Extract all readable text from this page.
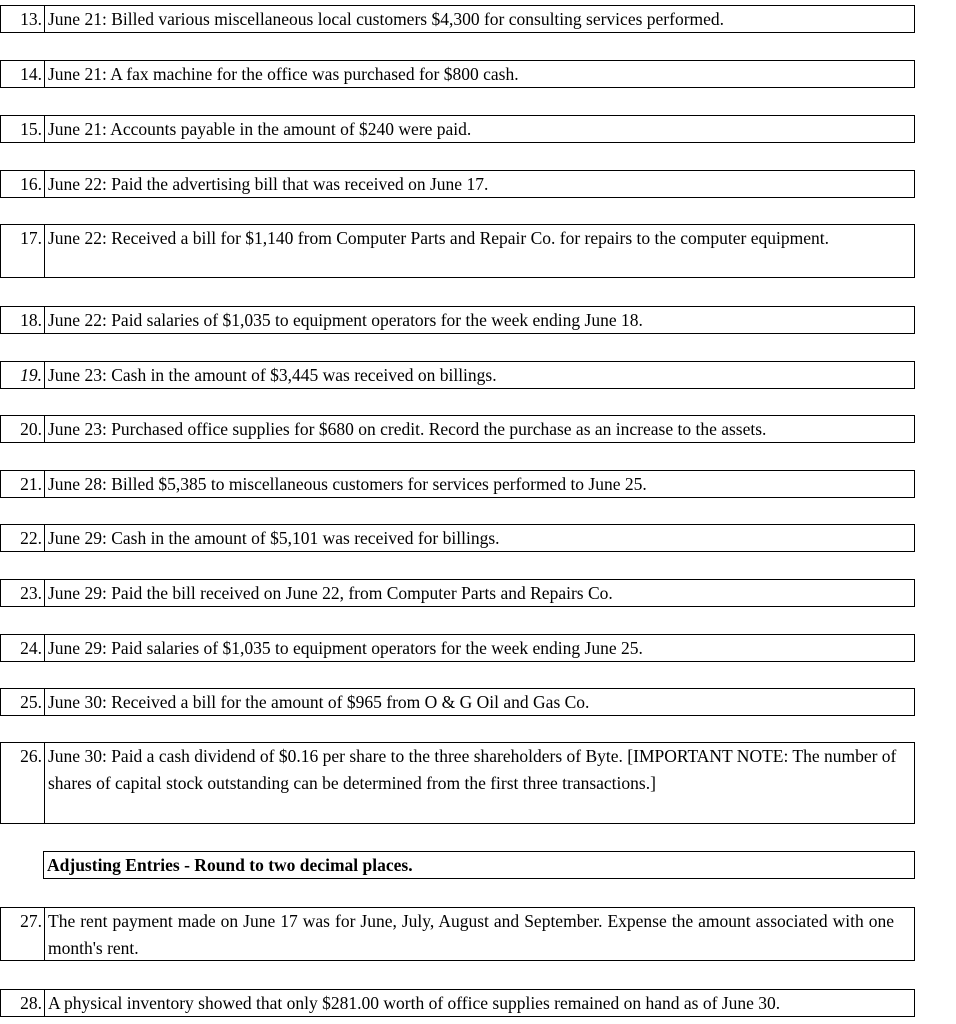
13. June 21: Billed various miscellaneous local customers $4,300 for consulting services performed.
14. June 21: A fax machine for the office was purchased for $800 cash.
15. June 21: Accounts payable in the amount of $240 were paid.
16. June 22: Paid the advertising bill that was received on June 17.
17. June 22: Received a bill for $1,140 from Computer Parts and Repair Co. for repairs to the computer equipment.
18. June 22: Paid salaries of $1,035 to equipment operators for the week ending June 18.
19. June 23: Cash in the amount of $3,445 was received on billings.
20. June 23: Purchased office supplies for $680 on credit. Record the purchase as an increase to the assets.
21. June 28: Billed $5,385 to miscellaneous customers for services performed to June 25.
22. June 29: Cash in the amount of $5,101 was received for billings.
23. June 29: Paid the bill received on June 22, from Computer Parts and Repairs Co.
24. June 29: Paid salaries of $1,035 to equipment operators for the week ending June 25.
25. June 30: Received a bill for the amount of $965 from O & G Oil and Gas Co.
26. June 30: Paid a cash dividend of $0.16 per share to the three shareholders of Byte. [IMPORTANT NOTE: The number of shares of capital stock outstanding can be determined from the first three transactions.]
Adjusting Entries - Round to two decimal places.
27. The rent payment made on June 17 was for June, July, August and September. Expense the amount associated with one month's rent.
28. A physical inventory showed that only $281.00 worth of office supplies remained on hand as of June 30.
